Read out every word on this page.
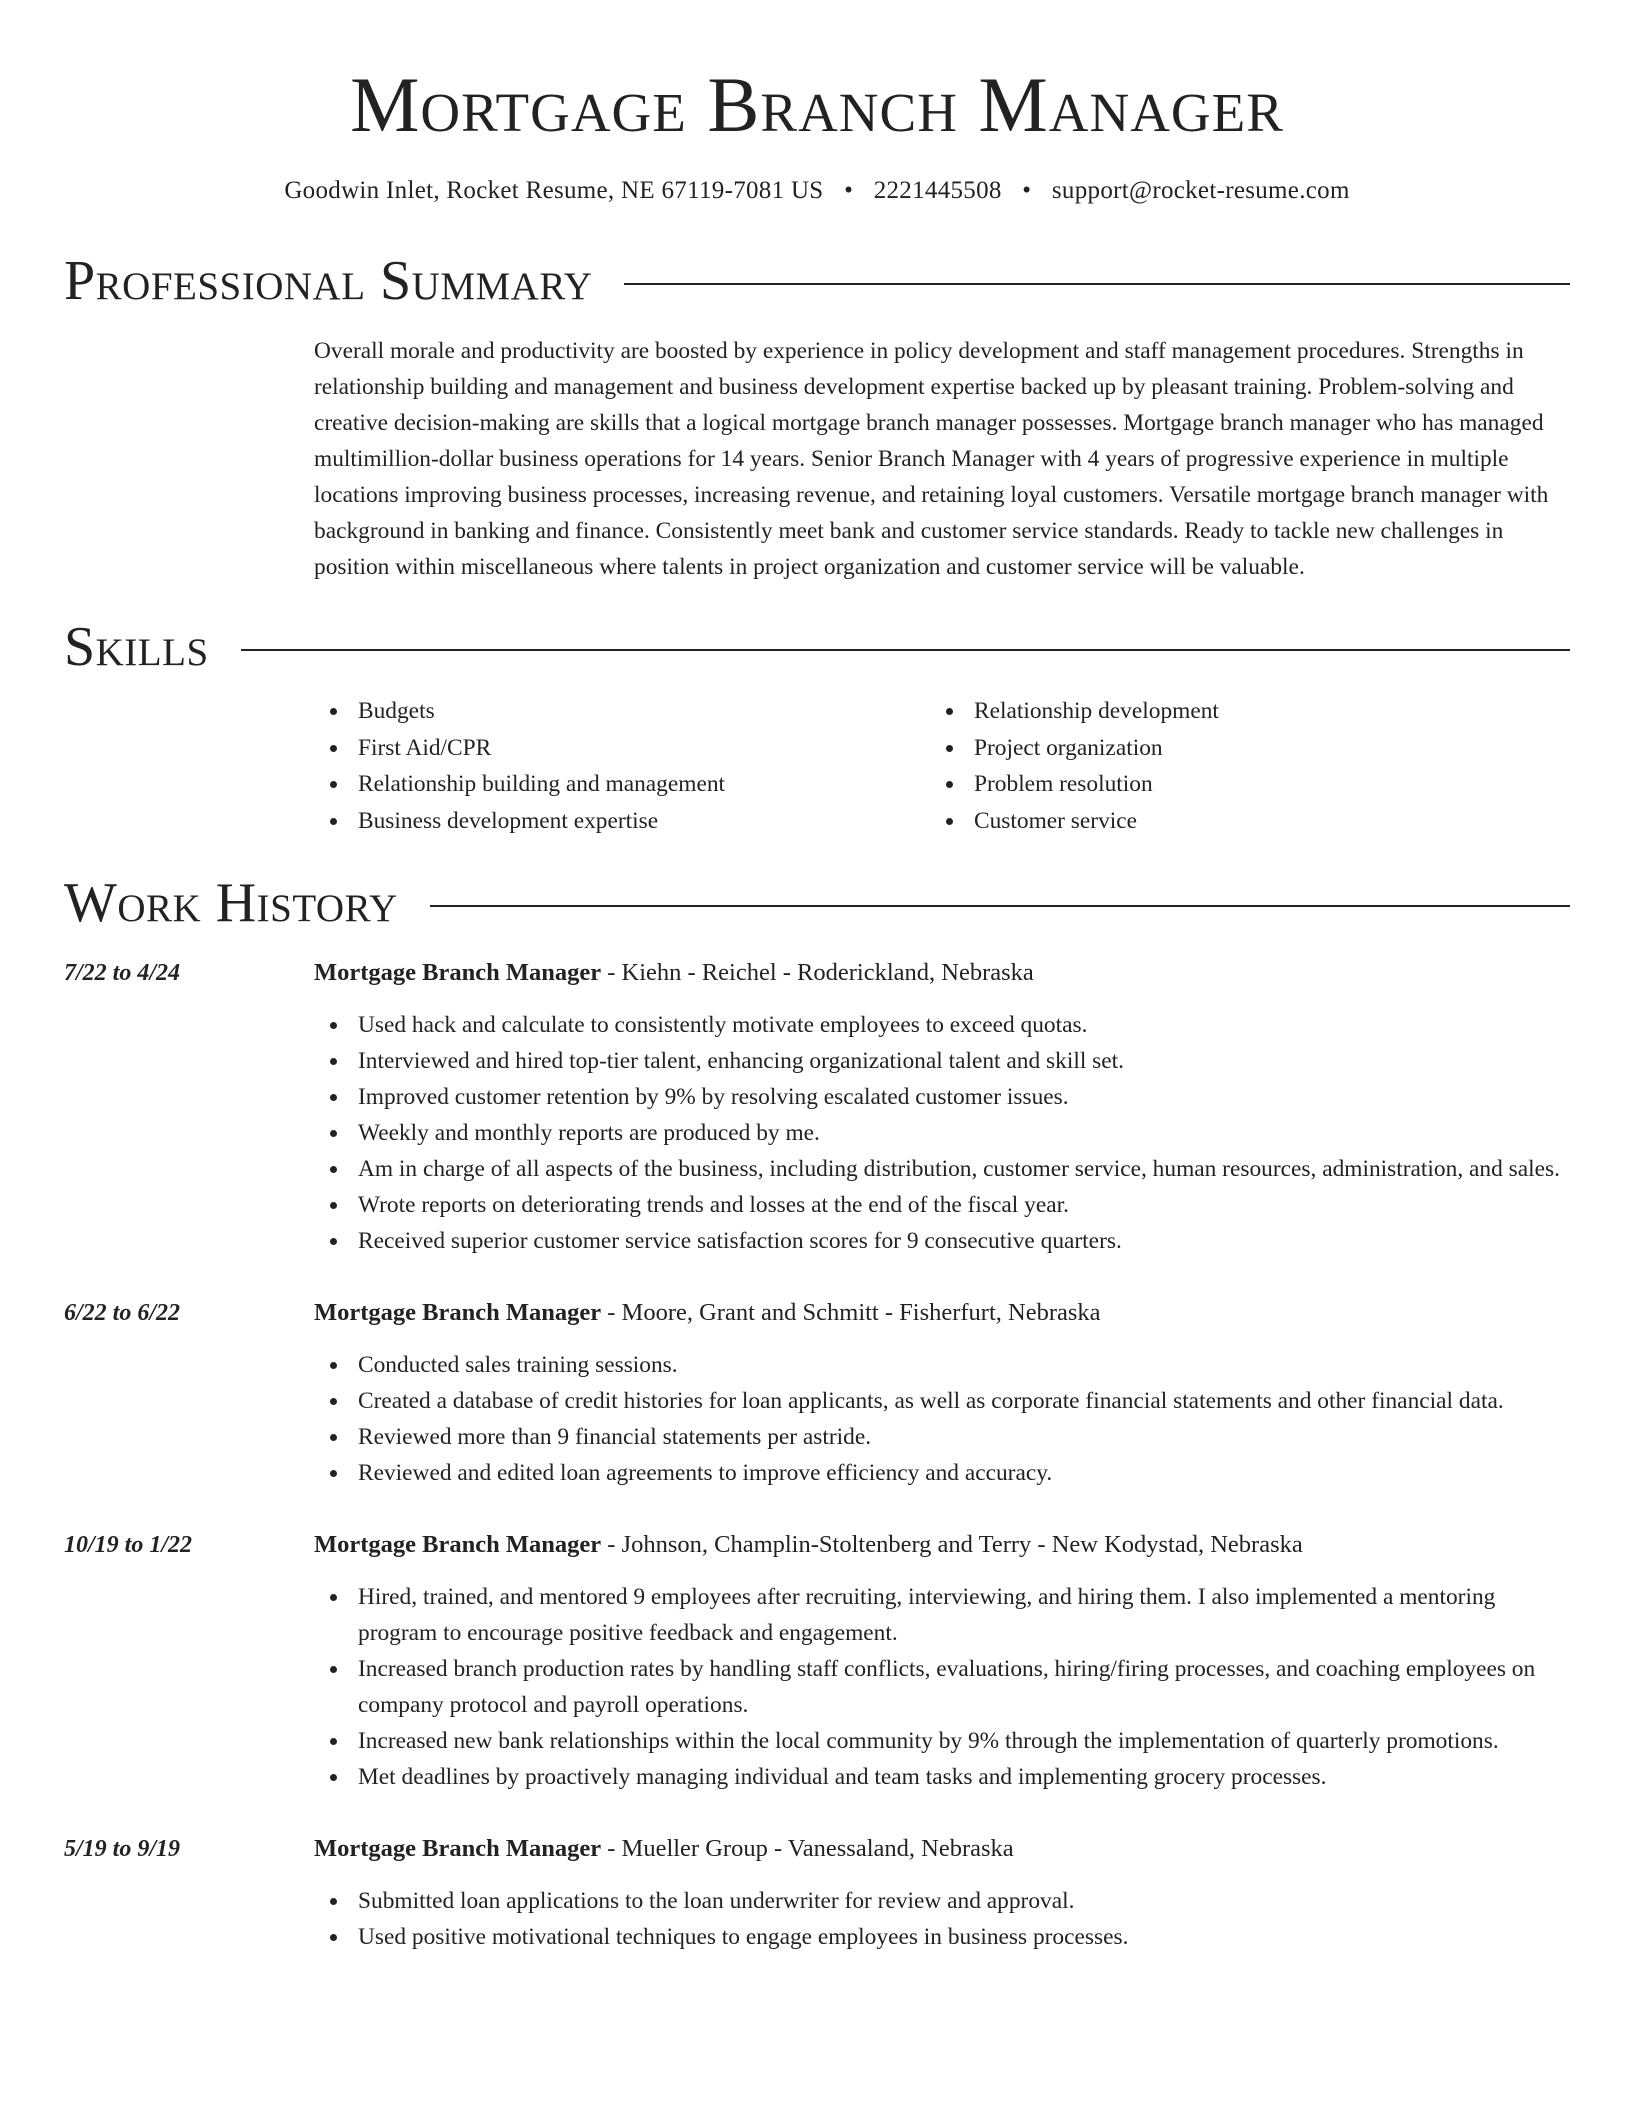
Mortgage Branch Manager
Goodwin Inlet, Rocket Resume, NE 67119-7081 US • 2221445508 • support@rocket-resume.com
Professional Summary

Overall morale and productivity are boosted by experience in policy development and staff management procedures. Strengths in relationship building and management and business development expertise backed up by pleasant training. Problem-solving and creative decision-making are skills that a logical mortgage branch manager possesses. Mortgage branch manager who has managed multimillion-dollar business operations for 14 years. Senior Branch Manager with 4 years of progressive experience in multiple locations improving business processes, increasing revenue, and retaining loyal customers. Versatile mortgage branch manager with background in banking and finance. Consistently meet bank and customer service standards. Ready to tackle new challenges in position within miscellaneous where talents in project organization and customer service will be valuable.

Skills
Budgets
First Aid/CPR
Relationship building and management
Business development expertise
Relationship development
Project organization
Problem resolution
Customer service
Work History
7/22 to 4/24	Mortgage Branch Manager - Kiehn - Reichel - Roderickland, Nebraska
Used hack and calculate to consistently motivate employees to exceed quotas.
Interviewed and hired top-tier talent, enhancing organizational talent and skill set.
Improved customer retention by 9% by resolving escalated customer issues.
Weekly and monthly reports are produced by me.
Am in charge of all aspects of the business, including distribution, customer service, human resources, administration, and sales.
Wrote reports on deteriorating trends and losses at the end of the fiscal year.
Received superior customer service satisfaction scores for 9 consecutive quarters.
6/22 to 6/22	Mortgage Branch Manager - Moore, Grant and Schmitt - Fisherfurt, Nebraska
Conducted sales training sessions.
Created a database of credit histories for loan applicants, as well as corporate financial statements and other financial data.
Reviewed more than 9 financial statements per astride.
Reviewed and edited loan agreements to improve efficiency and accuracy.
10/19 to 1/22	Mortgage Branch Manager - Johnson, Champlin-Stoltenberg and Terry - New Kodystad, Nebraska
Hired, trained, and mentored 9 employees after recruiting, interviewing, and hiring them. I also implemented a mentoring program to encourage positive feedback and engagement.
Increased branch production rates by handling staff conflicts, evaluations, hiring/firing processes, and coaching employees on company protocol and payroll operations.
Increased new bank relationships within the local community by 9% through the implementation of quarterly promotions.
Met deadlines by proactively managing individual and team tasks and implementing grocery processes.
5/19 to 9/19	Mortgage Branch Manager - Mueller Group - Vanessaland, Nebraska
Submitted loan applications to the loan underwriter for review and approval.
Used positive motivational techniques to engage employees in business processes.
